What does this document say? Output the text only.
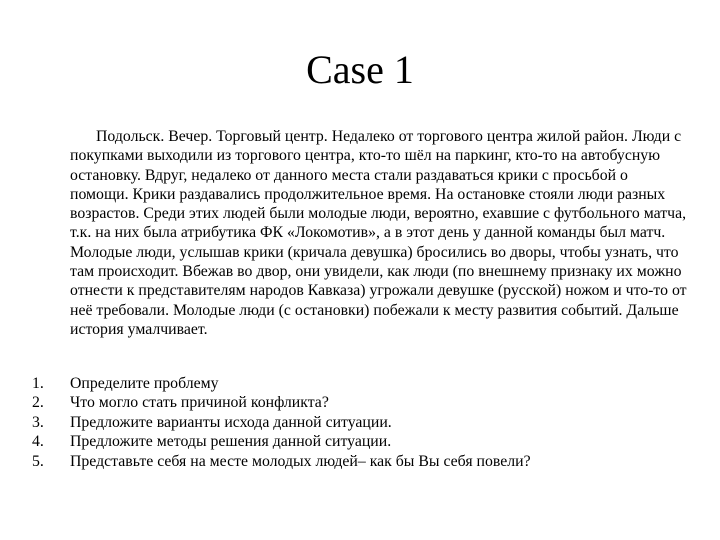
Case 1

Подольск. Вечер. Торговый центр. Недалеко от торгового центра жилой район. Люди с покупками выходили из торгового центра, кто-то шёл на паркинг, кто-то на автобусную остановку. Вдруг, недалеко от данного места стали раздаваться крики с просьбой о помощи. Крики раздавались продолжительное время. На остановке стояли люди разных возрастов. Среди этих людей были молодые люди, вероятно, ехавшие с футбольного матча, т.к. на них была атрибутика ФК «Локомотив», а в этот день у данной команды был матч. Молодые люди, услышав крики (кричала девушка) бросились во дворы, чтобы узнать, что там происходит. Вбежав во двор, они увидели, как люди (по внешнему признаку их можно отнести к представителям народов Кавказа) угрожали девушке (русской) ножом и что-то от неё требовали. Молодые люди (с остановки) побежали к месту развития событий. Дальше история умалчивает.

1. Определите проблему
2. Что могло стать причиной конфликта?
3. Предложите варианты исхода данной ситуации.
4. Предложите методы решения данной ситуации.
5. Представьте себя на месте молодых людей– как бы Вы себя повели?
